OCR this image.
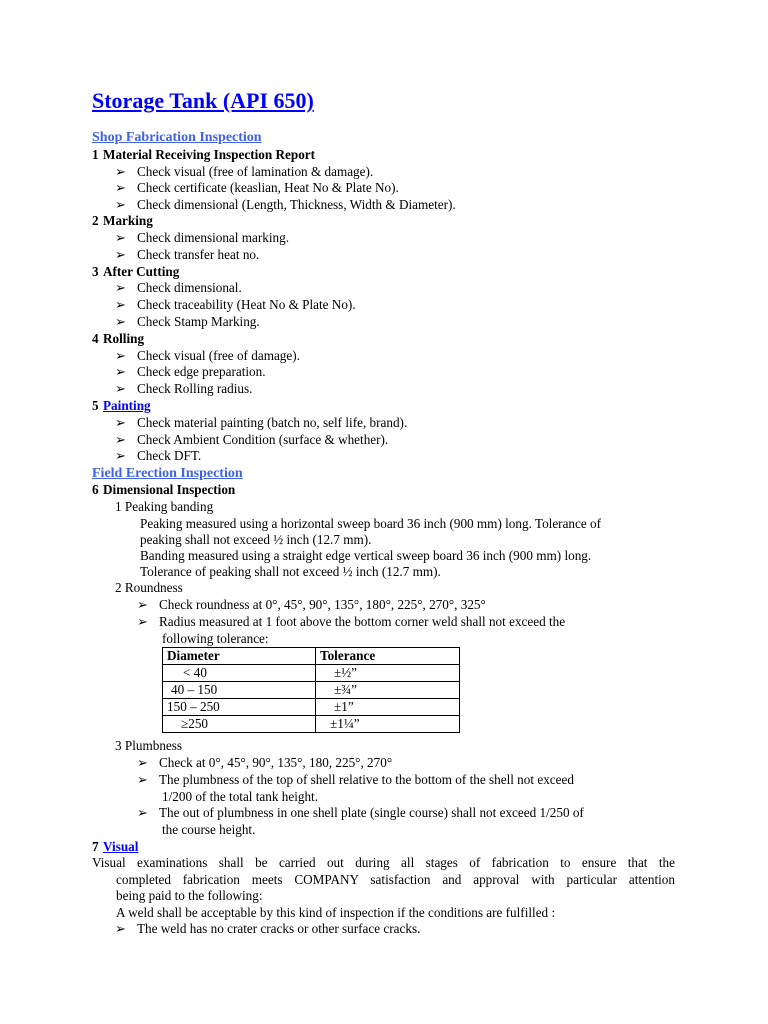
Storage Tank (API 650)
Shop Fabrication Inspection
1 Material Receiving Inspection Report
➢ Check visual (free of lamination & damage).
➢ Check certificate (keaslian, Heat No & Plate No).
➢ Check dimensional (Length, Thickness, Width & Diameter).
2 Marking
➢ Check dimensional marking.
➢ Check transfer heat no.
3 After Cutting
➢ Check dimensional.
➢ Check traceability (Heat No & Plate No).
➢ Check Stamp Marking.
4 Rolling
➢ Check visual (free of damage).
➢ Check edge preparation.
➢ Check Rolling radius.
5 Painting
➢ Check material painting (batch no, self life, brand).
➢ Check Ambient Condition (surface & whether).
➢ Check DFT.
Field Erection Inspection
6 Dimensional Inspection
1 Peaking banding
Peaking measured using a horizontal sweep board 36 inch (900 mm) long. Tolerance of
peaking shall not exceed ½ inch (12.7 mm).
Banding measured using a straight edge vertical sweep board 36 inch (900 mm) long.
Tolerance of peaking shall not exceed ½ inch (12.7 mm).
2 Roundness
➢ Check roundness at 0°, 45°, 90°, 135°, 180°, 225°, 270°, 325°
➢ Radius measured at 1 foot above the bottom corner weld shall not exceed the
following tolerance:
Diameter	Tolerance
< 40	±½”
40 – 150	±¾”
150 – 250	±1”
≥250	±1¼”
3 Plumbness
➢ Check at 0°, 45°, 90°, 135°, 180, 225°, 270°
➢ The plumbness of the top of shell relative to the bottom of the shell not exceed
1/200 of the total tank height.
➢ The out of plumbness in one shell plate (single course) shall not exceed 1/250 of
the course height.
7 Visual
Visual examinations shall be carried out during all stages of fabrication to ensure that the
completed fabrication meets COMPANY satisfaction and approval with particular attention
being paid to the following:
A weld shall be acceptable by this kind of inspection if the conditions are fulfilled :
➢ The weld has no crater cracks or other surface cracks.
